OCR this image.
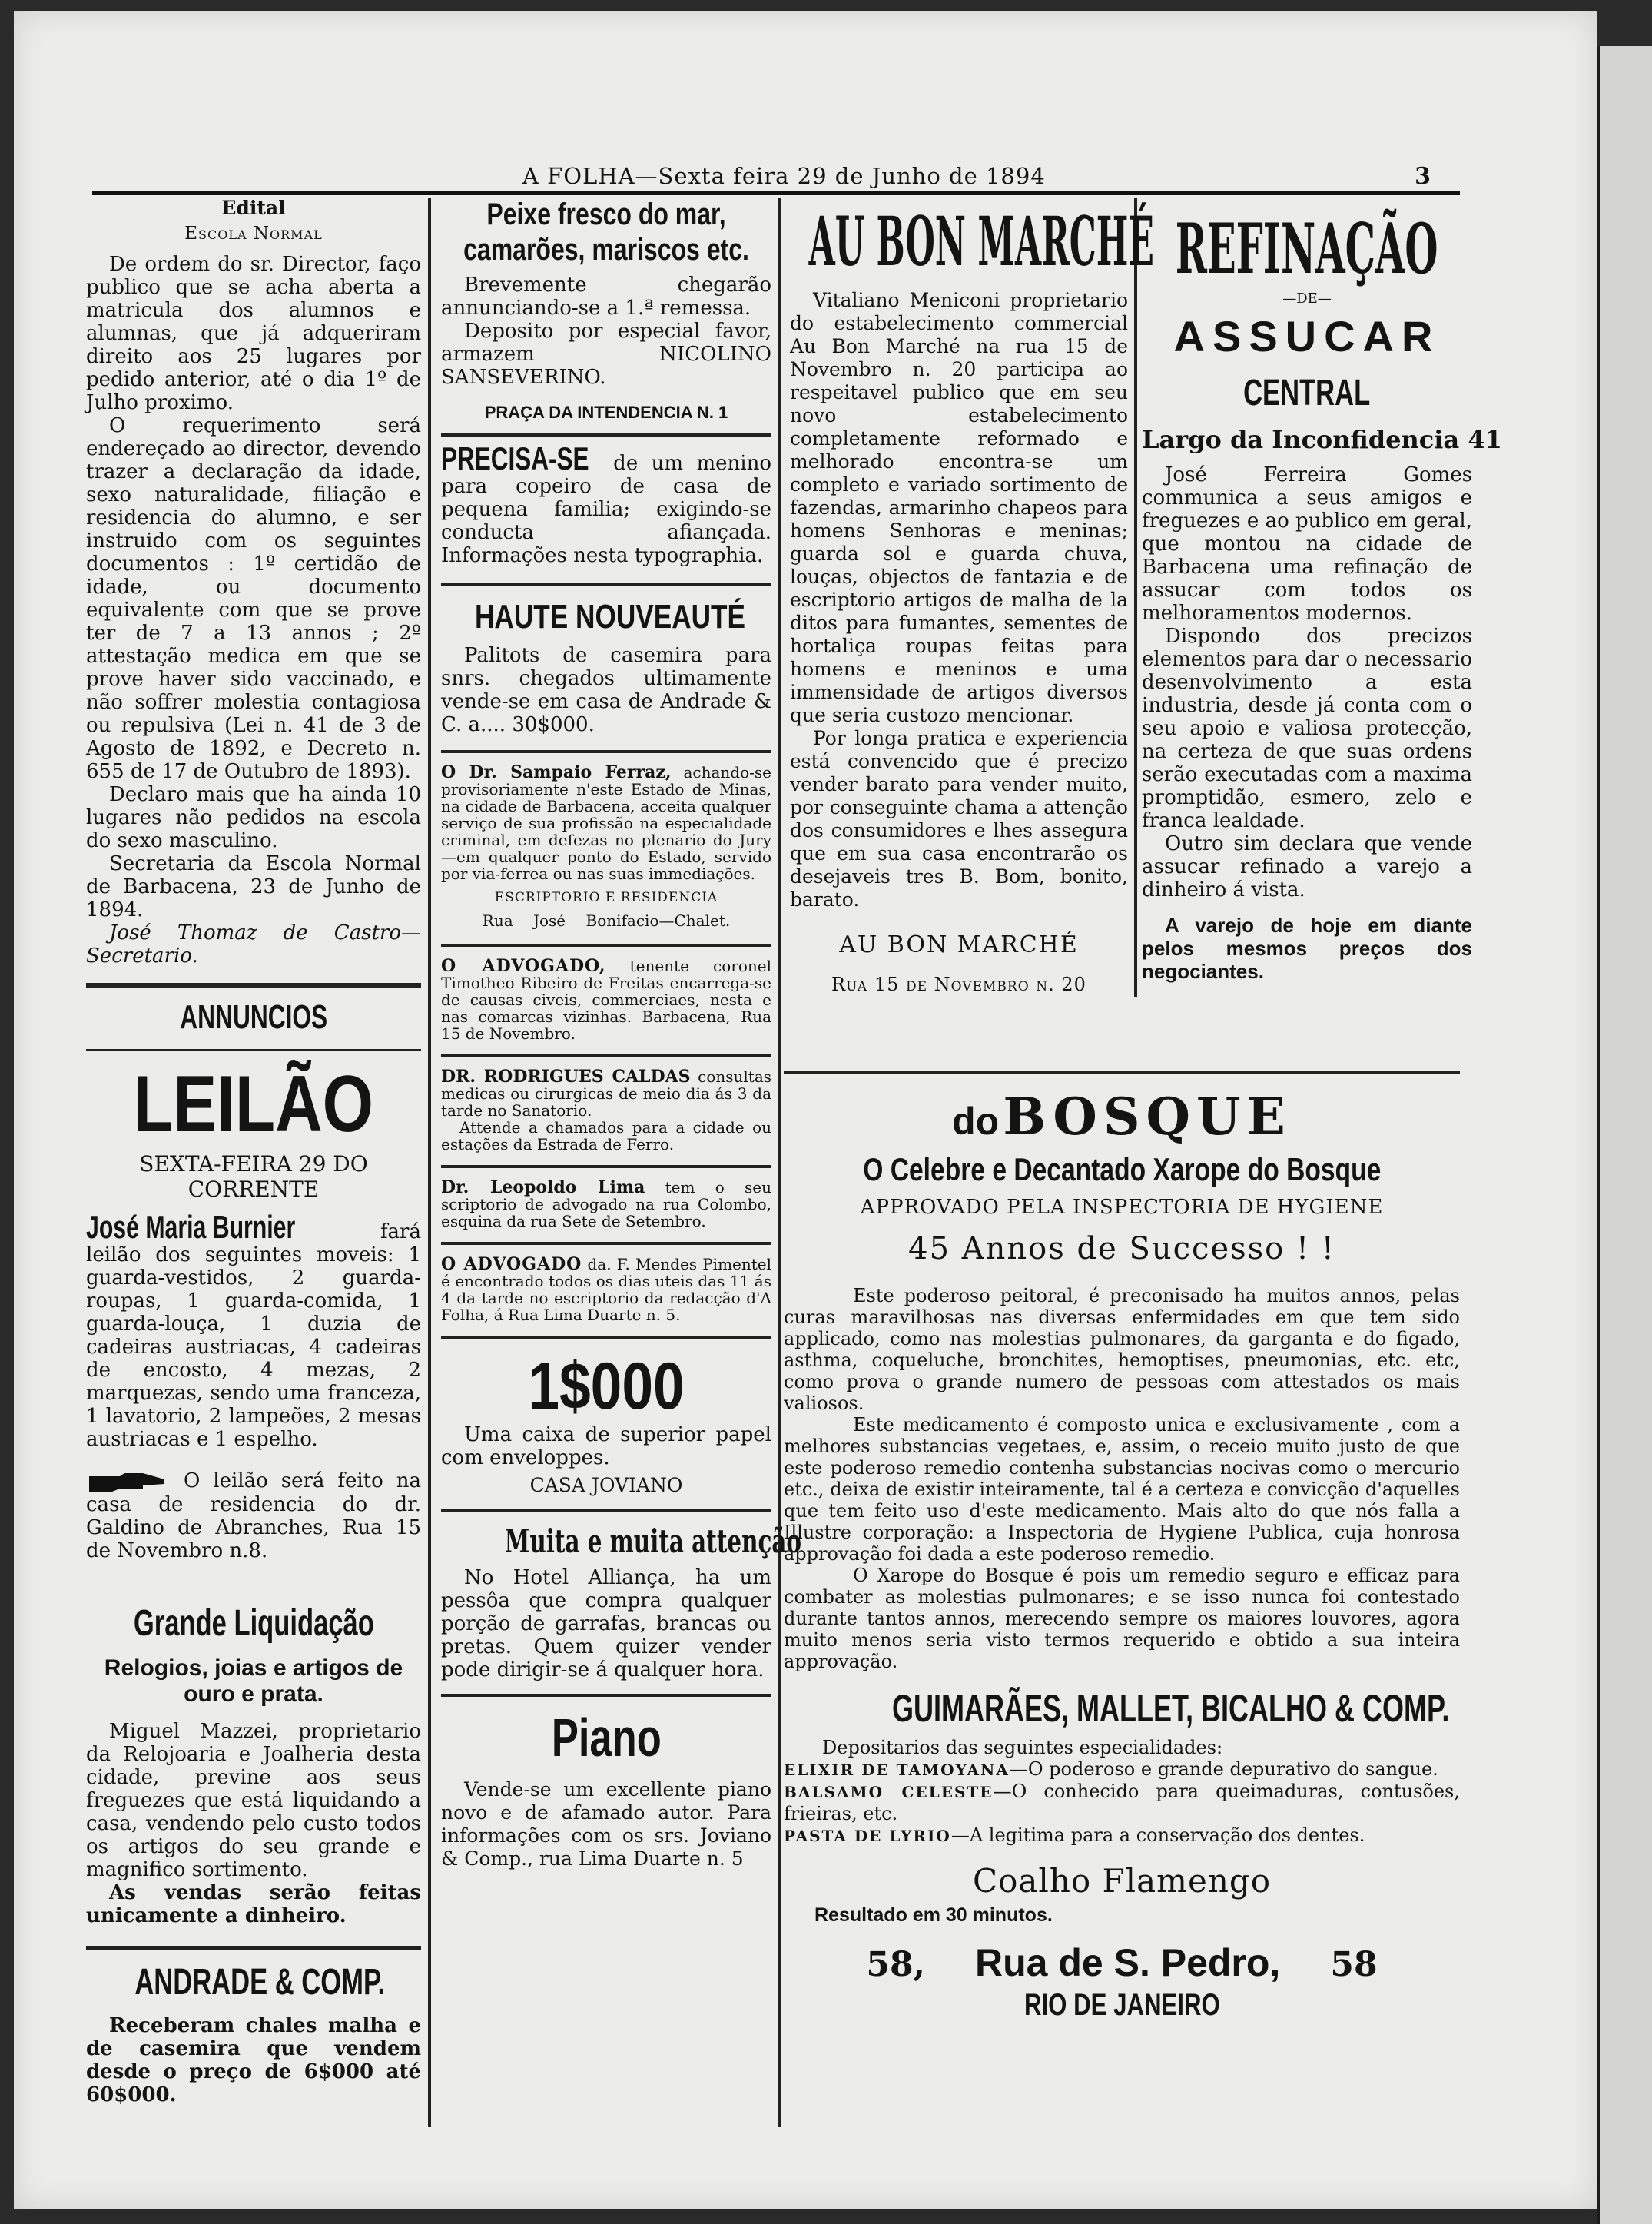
A FOLHA—Sexta feira 29 de Junho de 1894	3
Edital
Escola Normal

De ordem do sr. Director, faço publico que se acha aberta a matricula dos alumnos e alumnas, que já adqueriram direito aos 25 lugares por pedido anterior, até o dia 1º de Julho proximo.

O requerimento será endereçado ao director, devendo trazer a declaração da idade, sexo naturalidade, filiação e residencia do alumno, e ser instruido com os seguintes documentos : 1º certidão de idade, ou documento equivalente com que se prove ter de 7 a 13 annos ; 2º attestação medica em que se prove haver sido vaccinado, e não soffrer molestia contagiosa ou repulsiva (Lei n. 41 de 3 de Agosto de 1892, e Decreto n. 655 de 17 de Outubro de 1893).

Declaro mais que ha ainda 10 lugares não pedidos na escola do sexo masculino.

Secretaria da Escola Normal de Barbacena, 23 de Junho de 1894.

José Thomaz de Castro—Secretario.

ANNUNCIOS
LEILÃO
SEXTA-FEIRA 29 DO CORRENTE

José Maria Burnier	fará leilão dos seguintes moveis: 1 guarda-vestidos, 2 guarda-roupas, 1 guarda-comida, 1 guarda-louça, 1 duzia de cadeiras austriacas, 4 cadeiras de encosto, 4 mezas, 2 marquezas, sendo uma franceza, 1 lavatorio, 2 lampeões, 2 mesas austriacas e 1 espelho.

O leilão será feito na casa de residencia do dr. Galdino de Abranches, Rua 15 de Novembro n.8.

Grande Liquidação
Relogios, joias e artigos de ouro e prata.

Miguel Mazzei, proprietario da Relojoaria e Joalheria desta cidade, previne aos seus freguezes que está liquidando a casa, vendendo pelo custo todos os artigos do seu grande e magnifico sortimento.

As vendas serão feitas unicamente a dinheiro.

ANDRADE & COMP.

Receberam chales malha e de casemira que vendem desde o preço de 6$000 até 60$000.

Peixe fresco do mar, camarões, mariscos etc.

Brevemente chegarão annunciando-se a 1.ª remessa.

Deposito por especial favor, armazem NICOLINO SANSEVERINO.

PRAÇA DA INTENDENCIA N. 1

PRECISA-SE de um menino para copeiro de casa de pequena familia; exigindo-se conducta afiançada. Informações nesta typographia.

HAUTE NOUVEAUTÉ

Palitots de casemira para snrs. chegados ultimamente vende-se em casa de Andrade & C. a.... 30$000.

O Dr. Sampaio Ferraz, achando-se provisoriamente n'este Estado de Minas, na cidade de Barbacena, acceita qualquer serviço de sua profissão na especialidade criminal, em defezas no plenario do Jury—em qualquer ponto do Estado, servido por via-ferrea ou nas suas immediações.

ESCRIPTORIO E RESIDENCIA
Rua José Bonifacio—Chalet.

O ADVOGADO, tenente coronel Timotheo Ribeiro de Freitas encarrega-se de causas civeis, commerciaes, nesta e nas comarcas vizinhas. Barbacena, Rua 15 de Novembro.

DR. RODRIGUES CALDAS consultas medicas ou cirurgicas de meio dia ás 3 da tarde no Sanatorio.

Attende a chamados para a cidade ou estações da Estrada de Ferro.

Dr. Leopoldo Lima tem o seu scriptorio de advogado na rua Colombo, esquina da rua Sete de Setembro.

O ADVOGADO da. F. Mendes Pimentel é encontrado todos os dias uteis das 11 ás 4 da tarde no escriptorio da redacção d'A Folha, á Rua Lima Duarte n. 5.

1$000

Uma caixa de superior papel com enveloppes.

CASA JOVIANO
Muita e muita attenção

No Hotel Alliança, ha um pessôa que compra qualquer porção de garrafas, brancas ou pretas. Quem quizer vender pode dirigir-se á qualquer hora.

Piano

Vende-se um excellente piano novo e de afamado autor. Para informações com os srs. Joviano & Comp., rua Lima Duarte n. 5

AU BON MARCHÉ

Vitaliano Meniconi proprietario do estabelecimento commercial Au Bon Marché na rua 15 de Novembro n. 20 participa ao respeitavel publico que em seu novo estabelecimento completamente reformado e melhorado encontra-se um completo e variado sortimento de fazendas, armarinho chapeos para homens Senhoras e meninas; guarda sol e guarda chuva, louças, objectos de fantazia e de escriptorio artigos de malha de la ditos para fumantes, sementes de hortaliça roupas feitas para homens e meninos e uma immensidade de artigos diversos que seria custozo mencionar.

Por longa pratica e experiencia está convencido que é precizo vender barato para vender muito, por conseguinte chama a attenção dos consumidores e lhes assegura que em sua casa encontrarão os desejaveis tres B. Bom, bonito, barato.

AU BON MARCHÉ
Rua 15 de Novembro n. 20
REFINAÇÃO
—DE—
ASSUCAR
CENTRAL
Largo da Inconfidencia 41

José Ferreira Gomes communica a seus amigos e freguezes e ao publico em geral, que montou na cidade de Barbacena uma refinação de assucar com todos os melhoramentos modernos.

Dispondo dos precizos elementos para dar o necessario desenvolvimento a esta industria, desde já conta com o seu apoio e valiosa protecção, na certeza de que suas ordens serão executadas com a maxima promptidão, esmero, zelo e franca lealdade.

Outro sim declara que vende assucar refinado a varejo a dinheiro á vista.

A varejo de hoje em diante pelos mesmos preços dos negociantes.

do BOSQUE
O Celebre e Decantado Xarope do Bosque
APPROVADO PELA INSPECTORIA DE HYGIENE
45 Annos de Successo ! !

Este poderoso peitoral, é preconisado ha muitos annos, pelas curas maravilhosas nas diversas enfermidades em que tem sido applicado, como nas molestias pulmonares, da garganta e do figado, asthma, coqueluche, bronchites, hemoptises, pneumonias, etc. etc, como prova o grande numero de pessoas com attestados os mais valiosos.

Este medicamento é composto unica e exclusivamente , com a melhores substancias vegetaes, e, assim, o receio muito justo de que este poderoso remedio contenha substancias nocivas como o mercurio etc., deixa de existir inteiramente, tal é a certeza e convicção d'aquelles que tem feito uso d'este medicamento. Mais alto do que nós falla a Illustre corporação: a Inspectoria de Hygiene Publica, cuja honrosa approvação foi dada a este poderoso remedio.

O Xarope do Bosque é pois um remedio seguro e efficaz para combater as molestias pulmonares; e se isso nunca foi contestado durante tantos annos, merecendo sempre os maiores louvores, agora muito menos seria visto termos requerido e obtido a sua inteira approvação.

GUIMARÃES, MALLET, BICALHO & COMP.

Depositarios das seguintes especialidades:

ELIXIR DE TAMOYANA—O poderoso e grande depurativo do sangue.

BALSAMO CELESTE—O conhecido para queimaduras, contusões, frieiras, etc.

PASTA DE LYRIO—A legitima para a conservação dos dentes.

Coalho Flamengo
Resultado em 30 minutos.
58, Rua de S. Pedro, 58
RIO DE JANEIRO
